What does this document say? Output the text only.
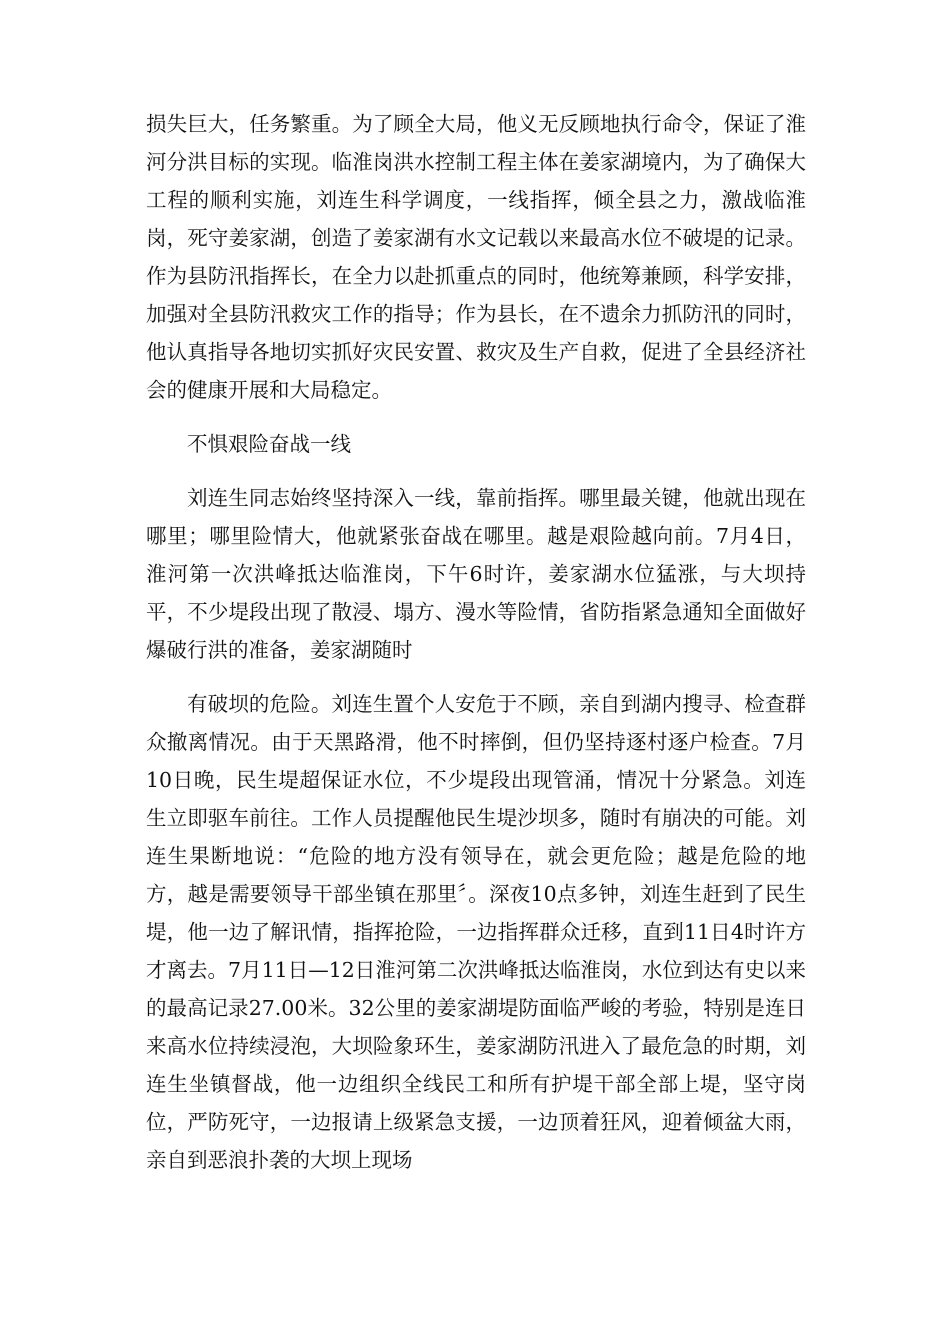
损失巨大，任务繁重。为了顾全大局，他义无反顾地执行命令，保证了淮河分洪目标的实现。临淮岗洪水控制工程主体在姜家湖境内，为了确保大工程的顺利实施，刘连生科学调度，一线指挥，倾全县之力，激战临淮岗，死守姜家湖，创造了姜家湖有水文记载以来最高水位不破堤的记录。作为县防汛指挥长，在全力以赴抓重点的同时，他统筹兼顾，科学安排，加强对全县防汛救灾工作的指导；作为县长，在不遗余力抓防汛的同时，他认真指导各地切实抓好灾民安置、救灾及生产自救，促进了全县经济社会的健康开展和大局稳定。

不惧艰险奋战一线

刘连生同志始终坚持深入一线，靠前指挥。哪里最关键，他就出现在哪里；哪里险情大，他就紧张奋战在哪里。越是艰险越向前。7月4日，淮河第一次洪峰抵达临淮岗，下午6时许，姜家湖水位猛涨，与大坝持平，不少堤段出现了散浸、塌方、漫水等险情，省防指紧急通知全面做好爆破行洪的准备，姜家湖随时

有破坝的危险。刘连生置个人安危于不顾，亲自到湖内搜寻、检查群众撤离情况。由于天黑路滑，他不时摔倒，但仍坚持逐村逐户检查。7月10日晚，民生堤超保证水位，不少堤段出现管涌，情况十分紧急。刘连生立即驱车前往。工作人员提醒他民生堤沙坝多，随时有崩决的可能。刘连生果断地说：“危险的地方没有领导在，就会更危险；越是危险的地方，越是需要领导干部坐镇在那里〞。深夜10点多钟，刘连生赶到了民生堤，他一边了解讯情，指挥抢险，一边指挥群众迁移，直到11日4时许方才离去。7月11日—12日淮河第二次洪峰抵达临淮岗，水位到达有史以来的最高记录27.00米。32公里的姜家湖堤防面临严峻的考验，特别是连日来高水位持续浸泡，大坝险象环生，姜家湖防汛进入了最危急的时期，刘连生坐镇督战，他一边组织全线民工和所有护堤干部全部上堤，坚守岗位，严防死守，一边报请上级紧急支援，一边顶着狂风，迎着倾盆大雨，亲自到恶浪扑袭的大坝上现场
